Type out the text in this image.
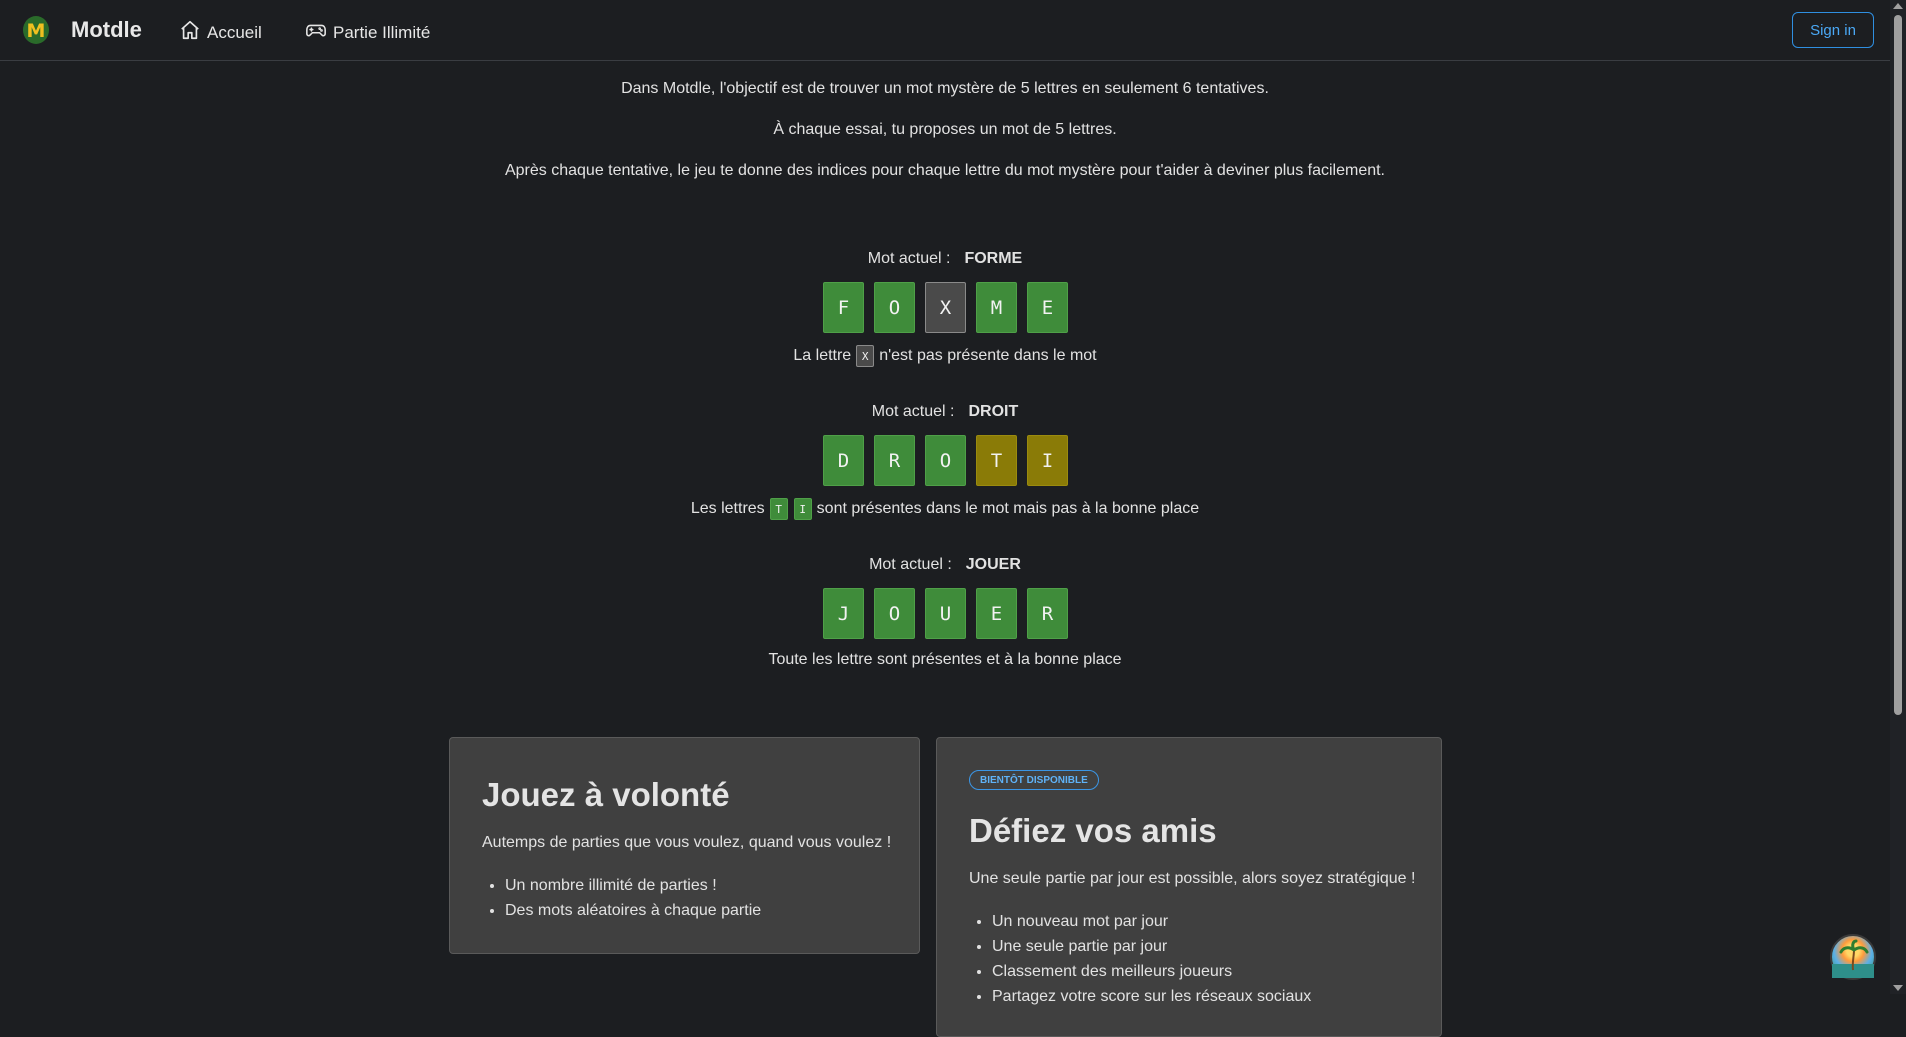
M Motdle	Accueil	Partie Illimité	Sign in

Dans Motdle, l'objectif est de trouver un mot mystère de 5 lettres en seulement 6 tentatives.

À chaque essai, tu proposes un mot de 5 lettres.

Après chaque tentative, le jeu te donne des indices pour chaque lettre du mot mystère pour t'aider à deviner plus facilement.

Mot actuel : FORME
F	O	X	M	E
La lettre X n'est pas présente dans le mot
Mot actuel : DROIT
D	R	O	T	I
Les lettres T	I sont présentes dans le mot mais pas à la bonne place
Mot actuel : JOUER
J	O	U	E	R
Toute les lettre sont présentes et à la bonne place
Jouez à volonté

Autemps de parties que vous voulez, quand vous voulez !

• Un nombre illimité de parties !
• Des mots aléatoires à chaque partie
BIENTÔT DISPONIBLE
Défiez vos amis

Une seule partie par jour est possible, alors soyez stratégique !

• Un nouveau mot par jour
• Une seule partie par jour
• Classement des meilleurs joueurs
• Partagez votre score sur les réseaux sociaux
